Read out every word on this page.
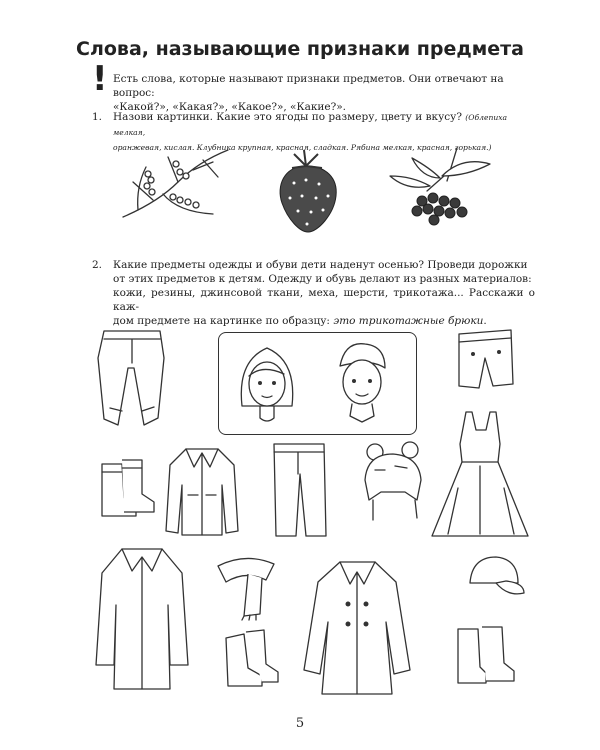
Слова, называющие признаки предмета
! Есть слова, которые называют признаки предметов. Они отвечают на вопрос:
«Какой?», «Какая?», «Какое?», «Какие?».
1. Назови картинки. Какие это ягоды по размеру, цвету и вкусу? (Облепиха мелкая,
оранжевая, кислая. Клубника крупная, красная, сладкая. Рябина мелкая, красная, горькая.)
2. Какие предметы одежды и обуви дети наденут осенью? Проведи дорожки
от этих предметов к детям. Одежду и обувь делают из разных материалов:
кожи, резины, джинсовой ткани, меха, шерсти, трикотажа... Расскажи о каж-
дом предмете на картинке по образцу: это трикотажные брюки.
5
